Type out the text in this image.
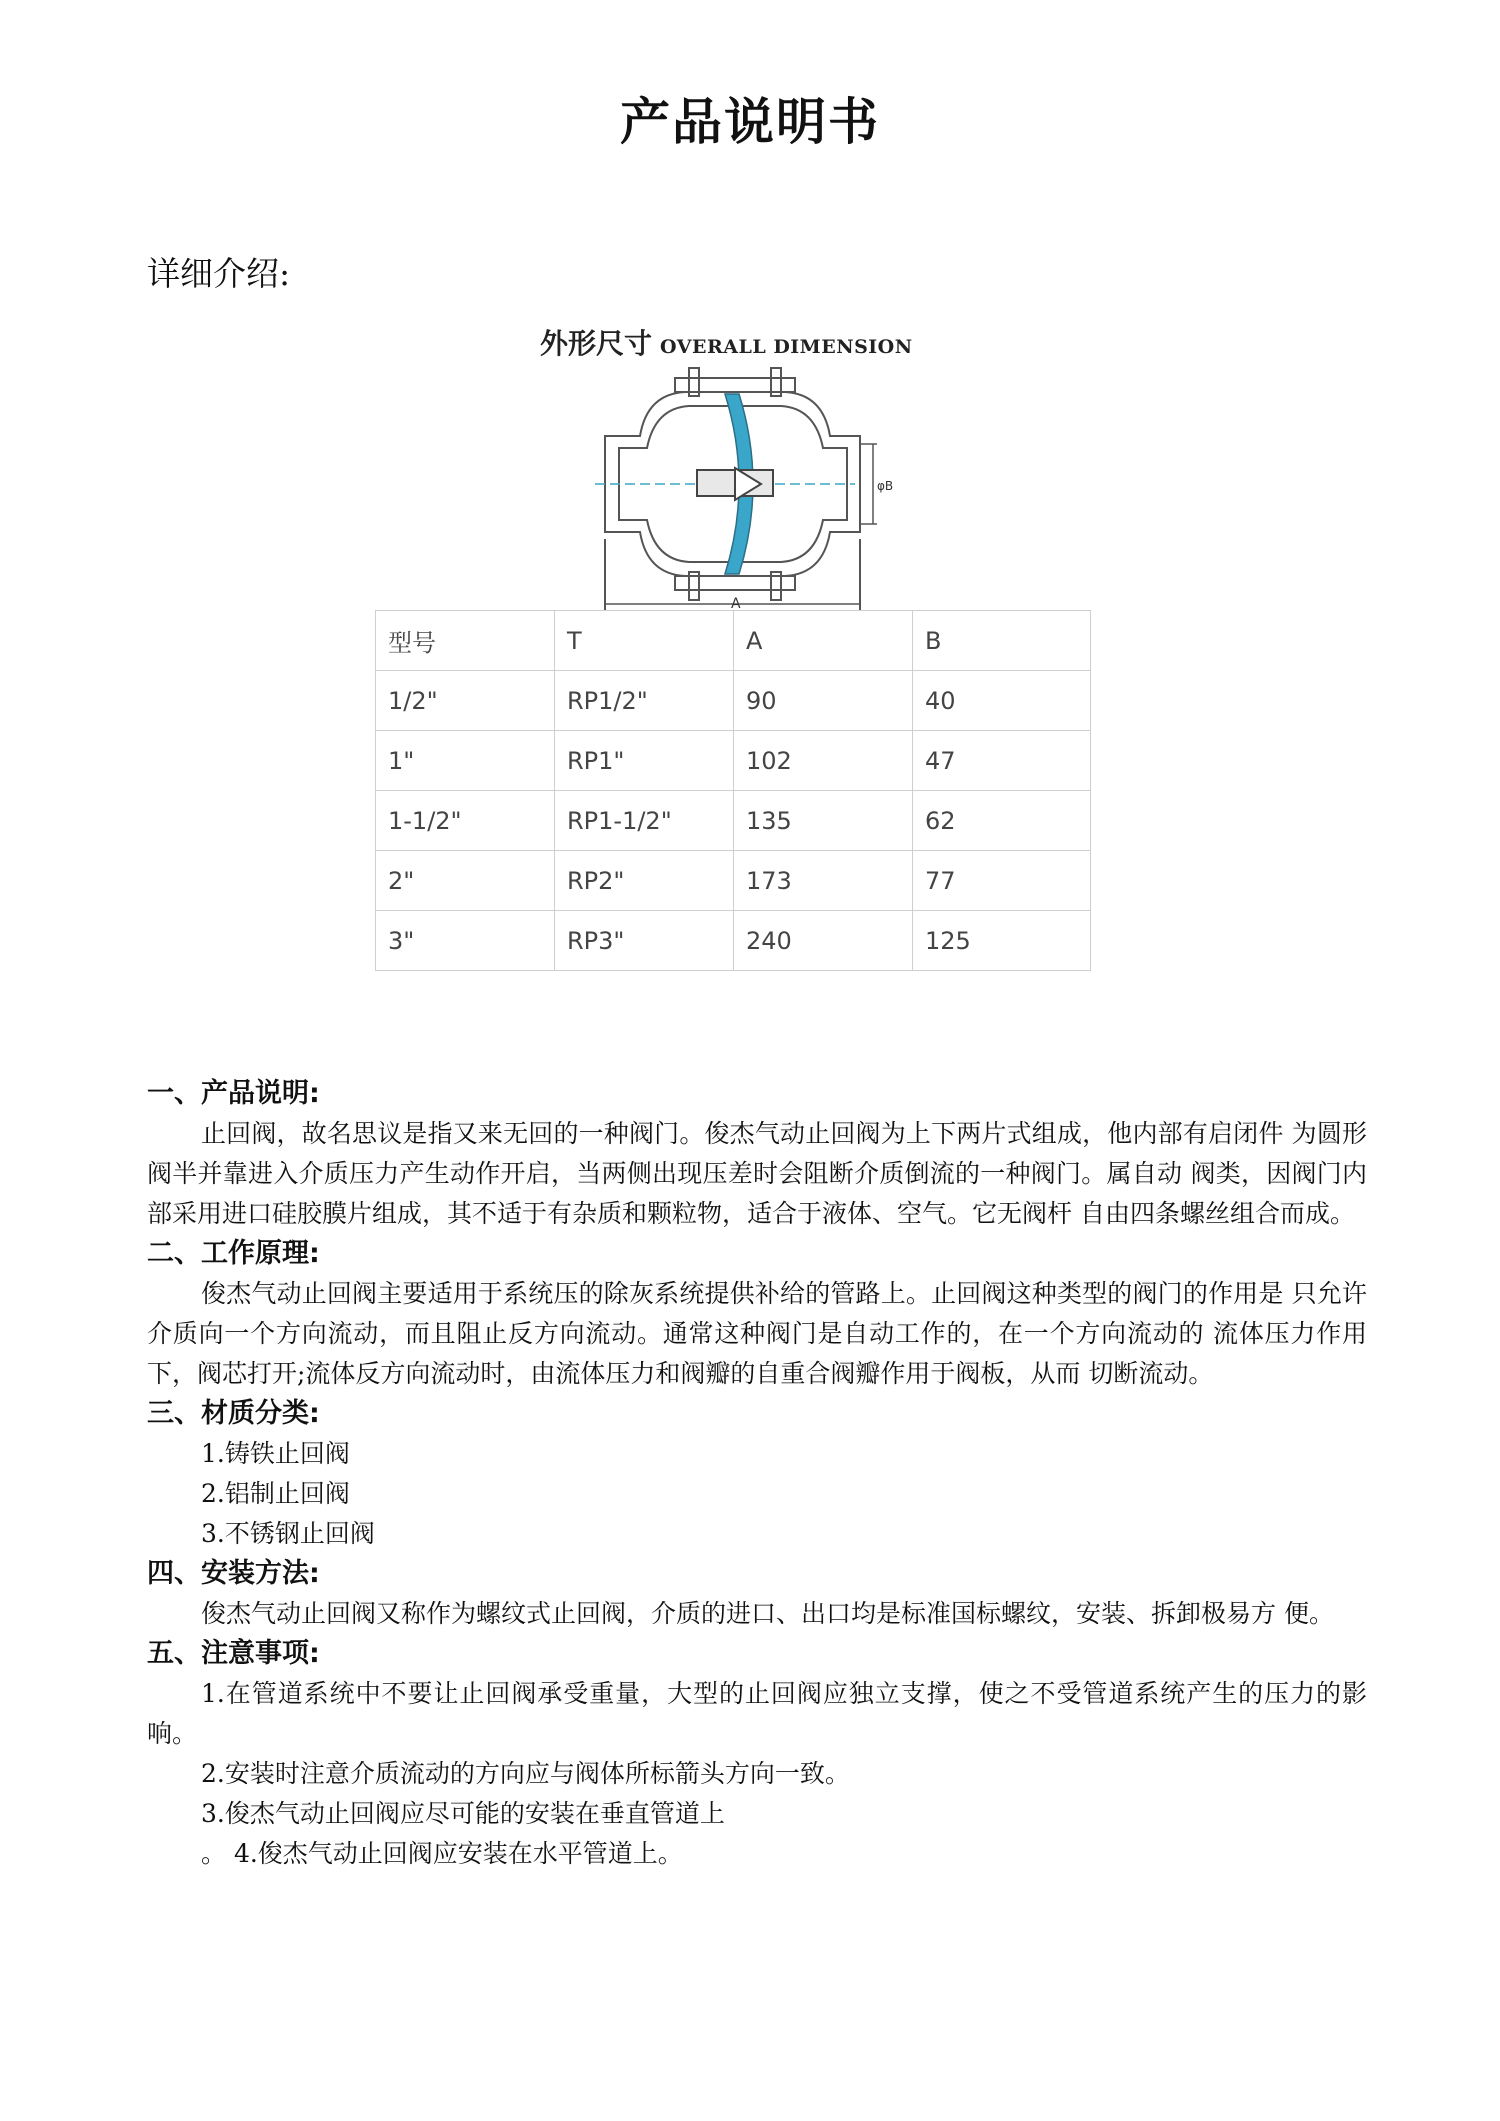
产品说明书

详细介绍:

外形尺寸 OVERALL DIMENSION
A
φB
型号	T	A	B
1/2"	RP1/2"	90	40
1"	RP1"	102	47
1-1/2"	RP1-1/2"	135	62
2"	RP2"	173	77
3"	RP3"	240	125
一、产品说明:

止回阀，故名思议是指又来无回的一种阀门。俊杰气动止回阀为上下两片式组成，他内部有启闭件 为圆形阀半并靠进入介质压力产生动作开启，当两侧出现压差时会阻断介质倒流的一种阀门。属自动 阀类，因阀门内部采用进口硅胶膜片组成，其不适于有杂质和颗粒物，适合于液体、空气。它无阀杆 自由四条螺丝组合而成。

二、工作原理:

俊杰气动止回阀主要适用于系统压的除灰系统提供补给的管路上。止回阀这种类型的阀门的作用是 只允许介质向一个方向流动，而且阻止反方向流动。通常这种阀门是自动工作的，在一个方向流动的 流体压力作用下，阀芯打开;流体反方向流动时，由流体压力和阀瓣的自重合阀瓣作用于阀板，从而 切断流动。

三、材质分类:
1.铸铁止回阀
2.铝制止回阀
3.不锈钢止回阀
四、安装方法:

俊杰气动止回阀又称作为螺纹式止回阀，介质的进口、出口均是标准国标螺纹，安装、拆卸极易方 便。

五、注意事项:

1.在管道系统中不要让止回阀承受重量，大型的止回阀应独立支撑，使之不受管道系统产生的压力的影响。

2.安装时注意介质流动的方向应与阀体所标箭头方向一致。
3.俊杰气动止回阀应尽可能的安装在垂直管道上
。 4.俊杰气动止回阀应安装在水平管道上。
